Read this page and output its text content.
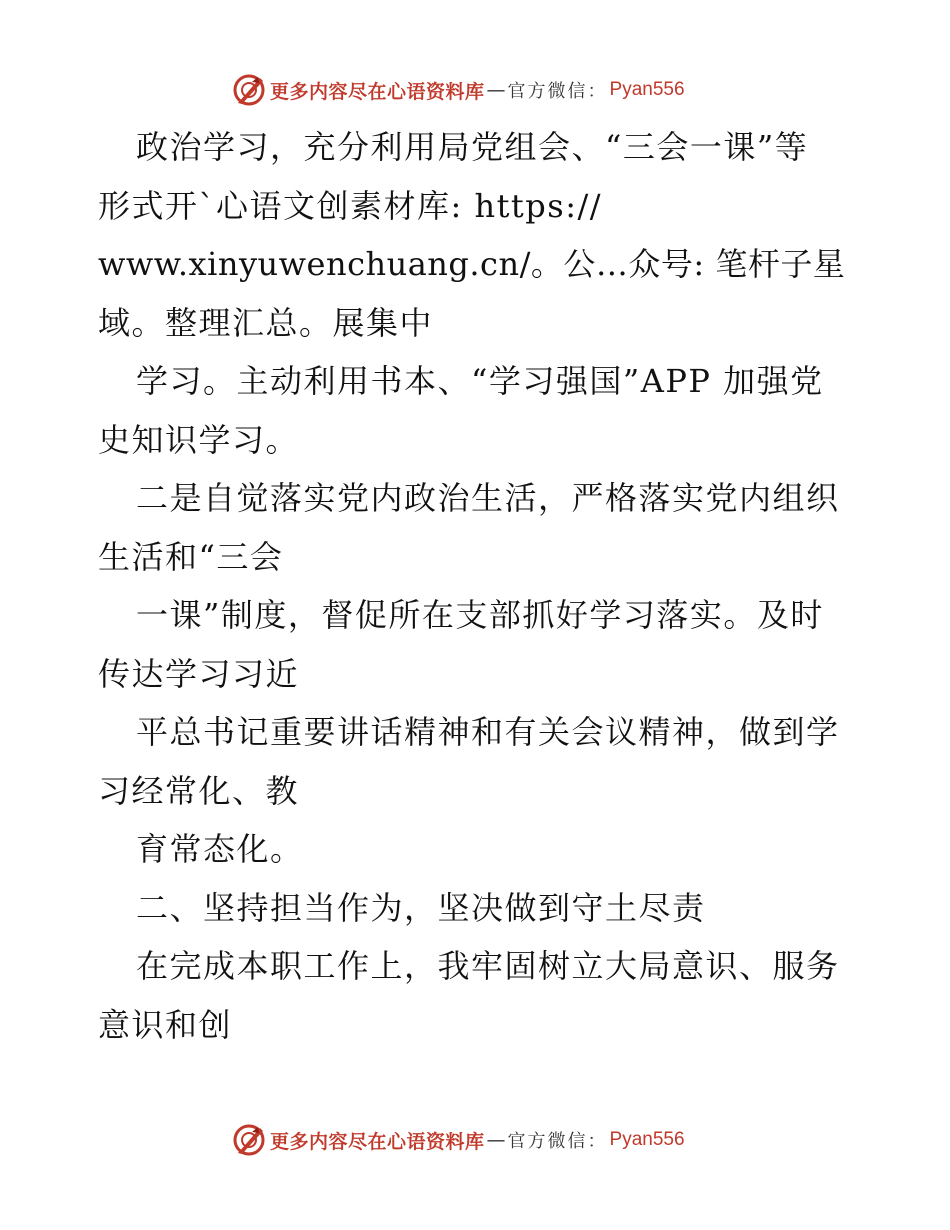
更多内容尽在心语资料库 — 官方微信： Pyan556
政治学习，充分利用局党组会、“三会一课”等
形式开`心语文创素材库: https://
www.xinyuwenchuang.cn/。公…众号: 笔杆子星
域。整理汇总。展集中
学习。主动利用书本、“学习强国”APP 加强党
史知识学习。
二是自觉落实党内政治生活，严格落实党内组织
生活和“三会
一课”制度，督促所在支部抓好学习落实。及时
传达学习习近
平总书记重要讲话精神和有关会议精神，做到学
习经常化、教
育常态化。
二、坚持担当作为，坚决做到守土尽责
在完成本职工作上，我牢固树立大局意识、服务
意识和创
更多内容尽在心语资料库 — 官方微信： Pyan556
